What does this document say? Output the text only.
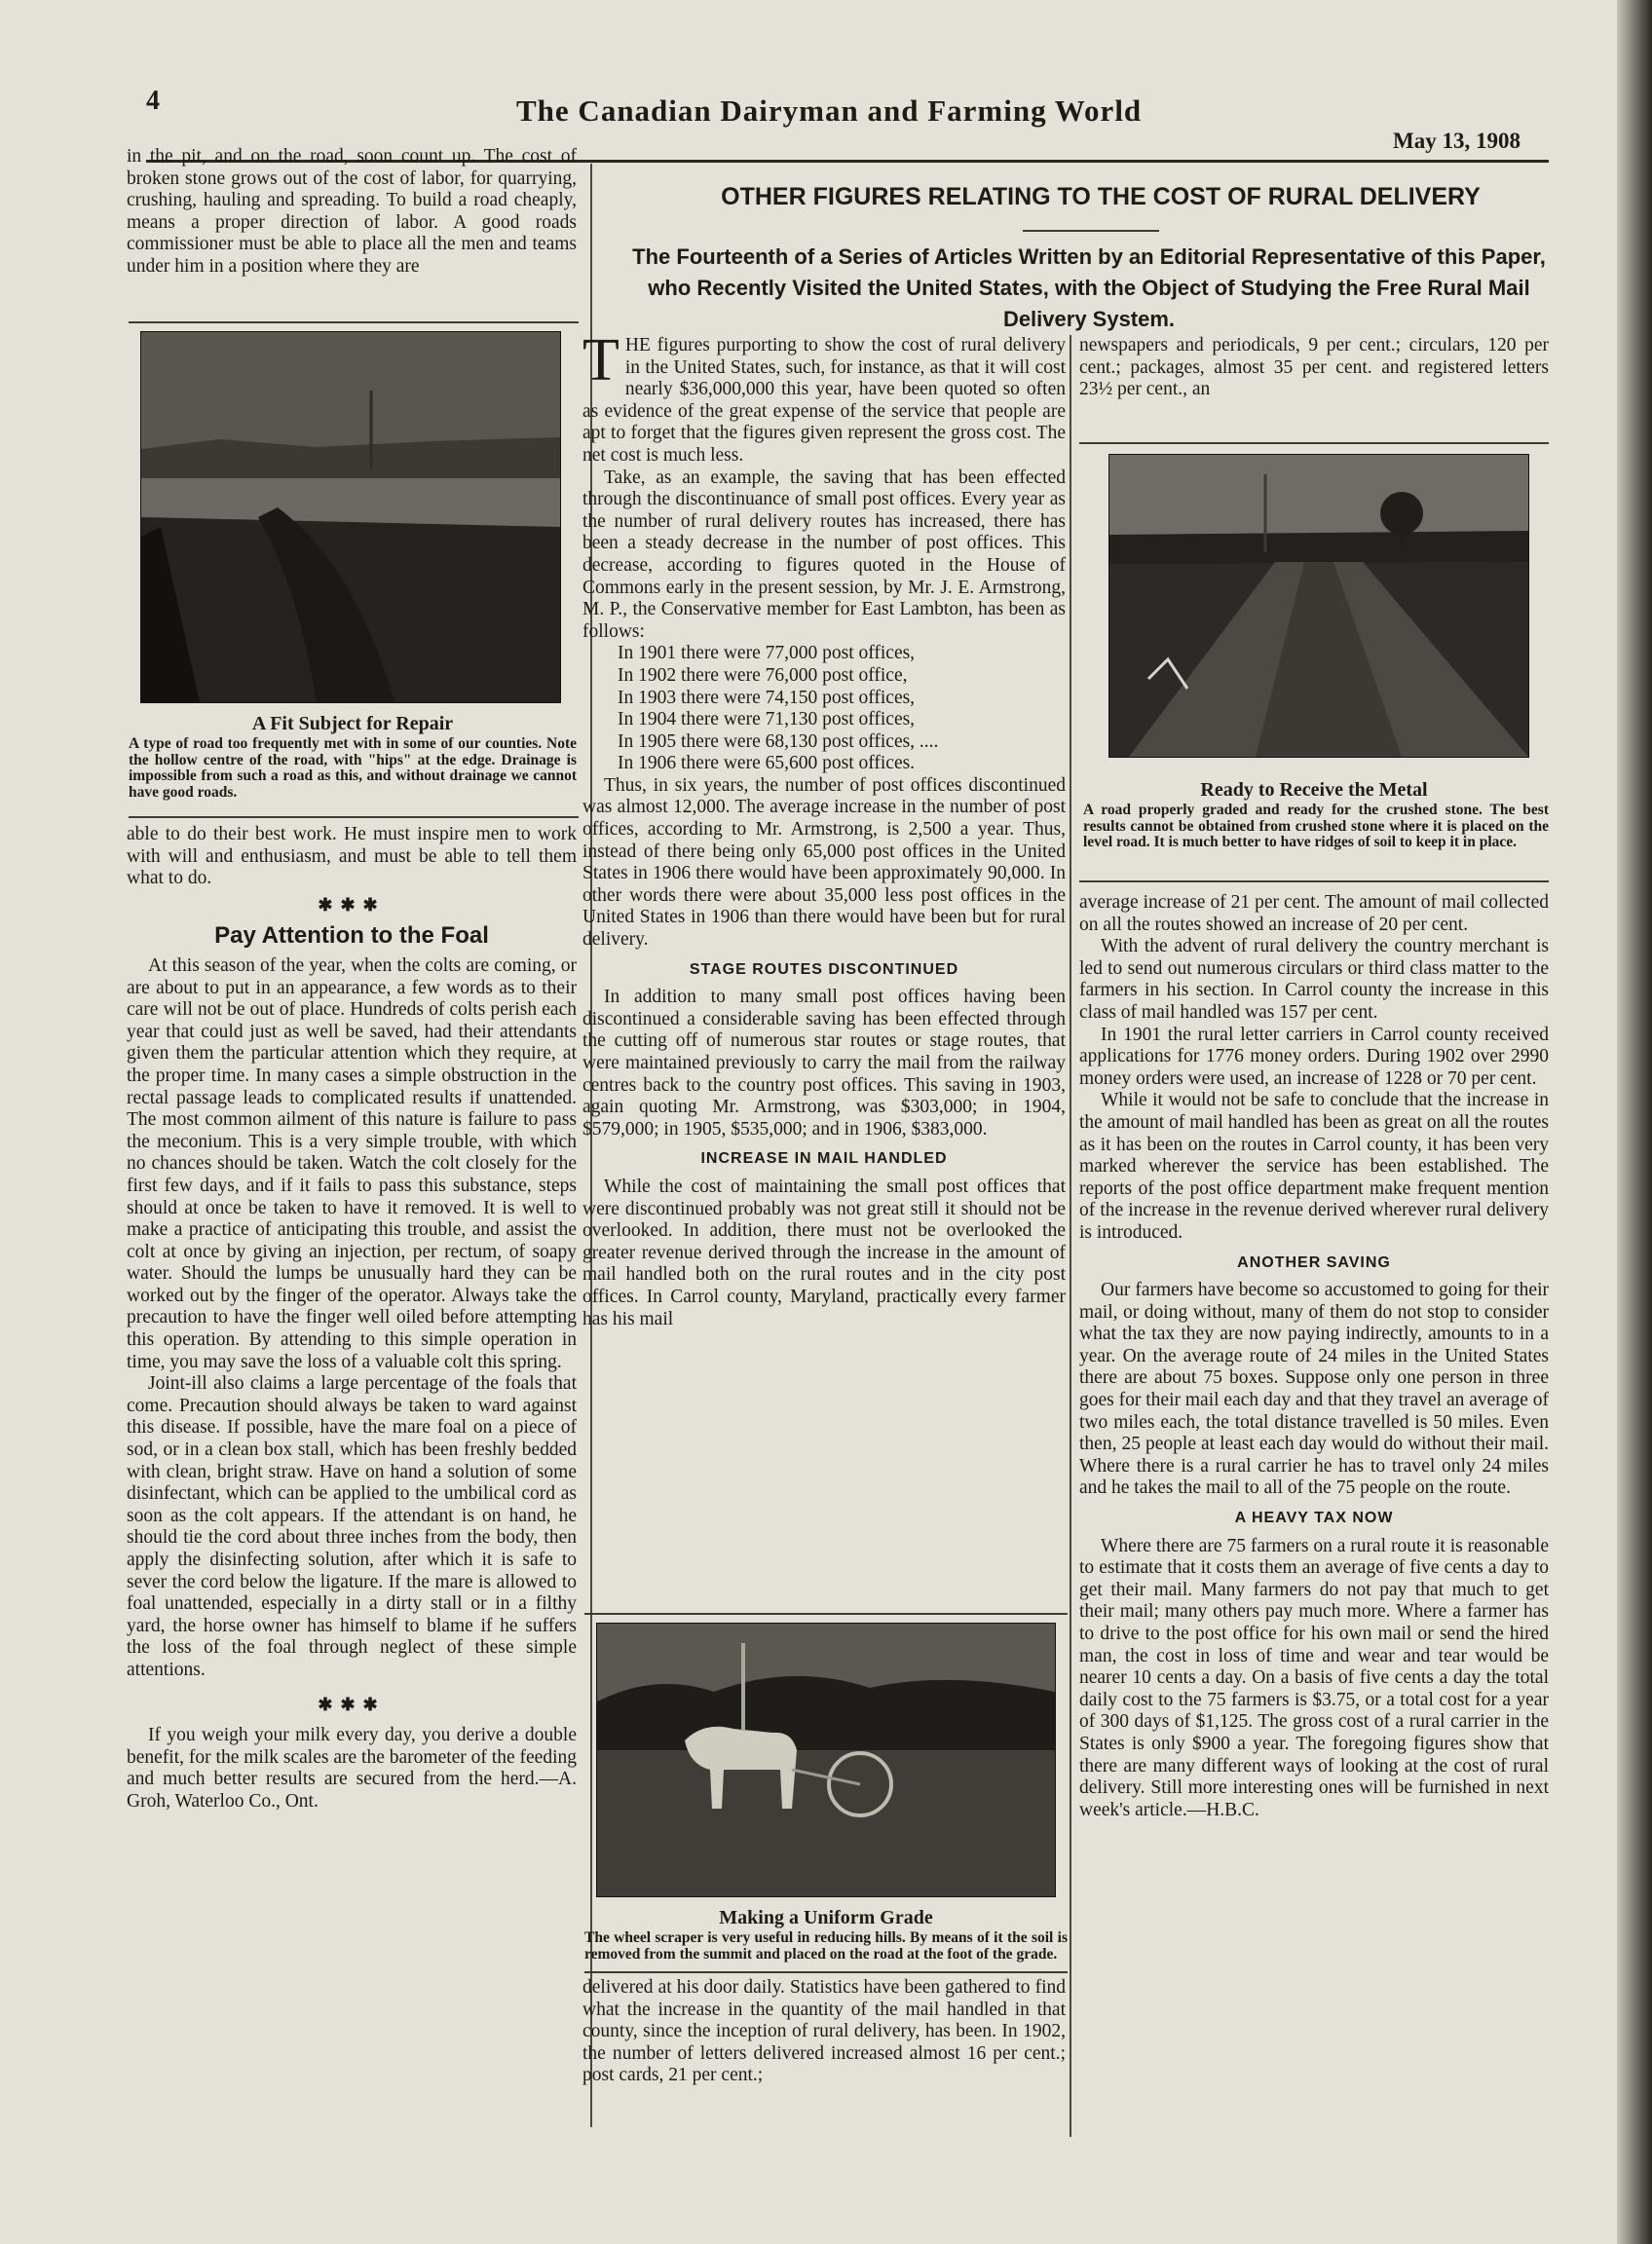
4	The Canadian Dairyman and Farming World
May 13, 1908
OTHER FIGURES RELATING TO THE COST OF RURAL DELIVERY
The Fourteenth of a Series of Articles Written by an Editorial Representative of this Paper, who Recently Visited the United States, with the Object of Studying the Free Rural Mail Delivery System.

in the pit, and on the road, soon count up. The cost of broken stone grows out of the cost of labor, for quarrying, crushing, hauling and spreading. To build a road cheaply, means a proper direction of labor. A good roads commissioner must be able to place all the men and teams under him in a position where they are

A Fit Subject for Repair
A type of road too frequently met with in some of our counties. Note the hollow centre of the road, with "hips" at the edge. Drainage is impossible from such a road as this, and without drainage we cannot have good roads.

able to do their best work. He must inspire men to work with will and enthusiasm, and must be able to tell them what to do.

✱✱✱
Pay Attention to the Foal

At this season of the year, when the colts are coming, or are about to put in an appearance, a few words as to their care will not be out of place. Hundreds of colts perish each year that could just as well be saved, had their attendants given them the particular attention which they require, at the proper time. In many cases a simple obstruction in the rectal passage leads to complicated results if unattended. The most common ailment of this nature is failure to pass the meconium. This is a very simple trouble, with which no chances should be taken. Watch the colt closely for the first few days, and if it fails to pass this substance, steps should at once be taken to have it removed. It is well to make a practice of anticipating this trouble, and assist the colt at once by giving an injection, per rectum, of soapy water. Should the lumps be unusually hard they can be worked out by the finger of the operator. Always take the precaution to have the finger well oiled before attempting this operation. By attending to this simple operation in time, you may save the loss of a valuable colt this spring.

Joint-ill also claims a large percentage of the foals that come. Precaution should always be taken to ward against this disease. If possible, have the mare foal on a piece of sod, or in a clean box stall, which has been freshly bedded with clean, bright straw. Have on hand a solution of some disinfectant, which can be applied to the umbilical cord as soon as the colt appears. If the attendant is on hand, he should tie the cord about three inches from the body, then apply the disinfecting solution, after which it is safe to sever the cord below the ligature. If the mare is allowed to foal unattended, especially in a dirty stall or in a filthy yard, the horse owner has himself to blame if he suffers the loss of the foal through neglect of these simple attentions.

✱✱✱

If you weigh your milk every day, you derive a double benefit, for the milk scales are the barometer of the feeding and much better results are secured from the herd.—A. Groh, Waterloo Co., Ont.

THE figures purporting to show the cost of rural delivery in the United States, such, for instance, as that it will cost nearly $36,000,000 this year, have been quoted so often as evidence of the great expense of the service that people are apt to forget that the figures given represent the gross cost. The net cost is much less.

Take, as an example, the saving that has been effected through the discontinuance of small post offices. Every year as the number of rural delivery routes has increased, there has been a steady decrease in the number of post offices. This decrease, according to figures quoted in the House of Commons early in the present session, by Mr. J. E. Armstrong, M. P., the Conservative member for East Lambton, has been as follows:

In 1901 there were 77,000 post offices,
In 1902 there were 76,000 post office,
In 1903 there were 74,150 post offices,
In 1904 there were 71,130 post offices,
In 1905 there were 68,130 post offices, ....
In 1906 there were 65,600 post offices.

Thus, in six years, the number of post offices discontinued was almost 12,000. The average increase in the number of post offices, according to Mr. Armstrong, is 2,500 a year. Thus, instead of there being only 65,000 post offices in the United States in 1906 there would have been approximately 90,000. In other words there were about 35,000 less post offices in the United States in 1906 than there would have been but for rural delivery.

STAGE ROUTES DISCONTINUED

In addition to many small post offices having been discontinued a considerable saving has been effected through the cutting off of numerous star routes or stage routes, that were maintained previously to carry the mail from the railway centres back to the country post offices. This saving in 1903, again quoting Mr. Armstrong, was $303,000; in 1904, $579,000; in 1905, $535,000; and in 1906, $383,000.

INCREASE IN MAIL HANDLED

While the cost of maintaining the small post offices that were discontinued probably was not great still it should not be overlooked. In addition, there must not be overlooked the greater revenue derived through the increase in the amount of mail handled both on the rural routes and in the city post offices. In Carrol county, Maryland, practically every farmer has his mail

Making a Uniform Grade
The wheel scraper is very useful in reducing hills. By means of it the soil is removed from the summit and placed on the road at the foot of the grade.

delivered at his door daily. Statistics have been gathered to find what the increase in the quantity of the mail handled in that county, since the inception of rural delivery, has been. In 1902, the number of letters delivered increased almost 16 per cent.; post cards, 21 per cent.;

newspapers and periodicals, 9 per cent.; circulars, 120 per cent.; packages, almost 35 per cent. and registered letters 23½ per cent., an

Ready to Receive the Metal
A road properly graded and ready for the crushed stone. The best results cannot be obtained from crushed stone where it is placed on the level road. It is much better to have ridges of soil to keep it in place.

average increase of 21 per cent. The amount of mail collected on all the routes showed an increase of 20 per cent.

With the advent of rural delivery the country merchant is led to send out numerous circulars or third class matter to the farmers in his section. In Carrol county the increase in this class of mail handled was 157 per cent.

In 1901 the rural letter carriers in Carrol county received applications for 1776 money orders. During 1902 over 2990 money orders were used, an increase of 1228 or 70 per cent.

While it would not be safe to conclude that the increase in the amount of mail handled has been as great on all the routes as it has been on the routes in Carrol county, it has been very marked wherever the service has been established. The reports of the post office department make frequent mention of the increase in the revenue derived wherever rural delivery is introduced.

ANOTHER SAVING

Our farmers have become so accustomed to going for their mail, or doing without, many of them do not stop to consider what the tax they are now paying indirectly, amounts to in a year. On the average route of 24 miles in the United States there are about 75 boxes. Suppose only one person in three goes for their mail each day and that they travel an average of two miles each, the total distance travelled is 50 miles. Even then, 25 people at least each day would do without their mail. Where there is a rural carrier he has to travel only 24 miles and he takes the mail to all of the 75 people on the route.

A HEAVY TAX NOW

Where there are 75 farmers on a rural route it is reasonable to estimate that it costs them an average of five cents a day to get their mail. Many farmers do not pay that much to get their mail; many others pay much more. Where a farmer has to drive to the post office for his own mail or send the hired man, the cost in loss of time and wear and tear would be nearer 10 cents a day. On a basis of five cents a day the total daily cost to the 75 farmers is $3.75, or a total cost for a year of 300 days of $1,125. The gross cost of a rural carrier in the States is only $900 a year. The foregoing figures show that there are many different ways of looking at the cost of rural delivery. Still more interesting ones will be furnished in next week's article.—H.B.C.
